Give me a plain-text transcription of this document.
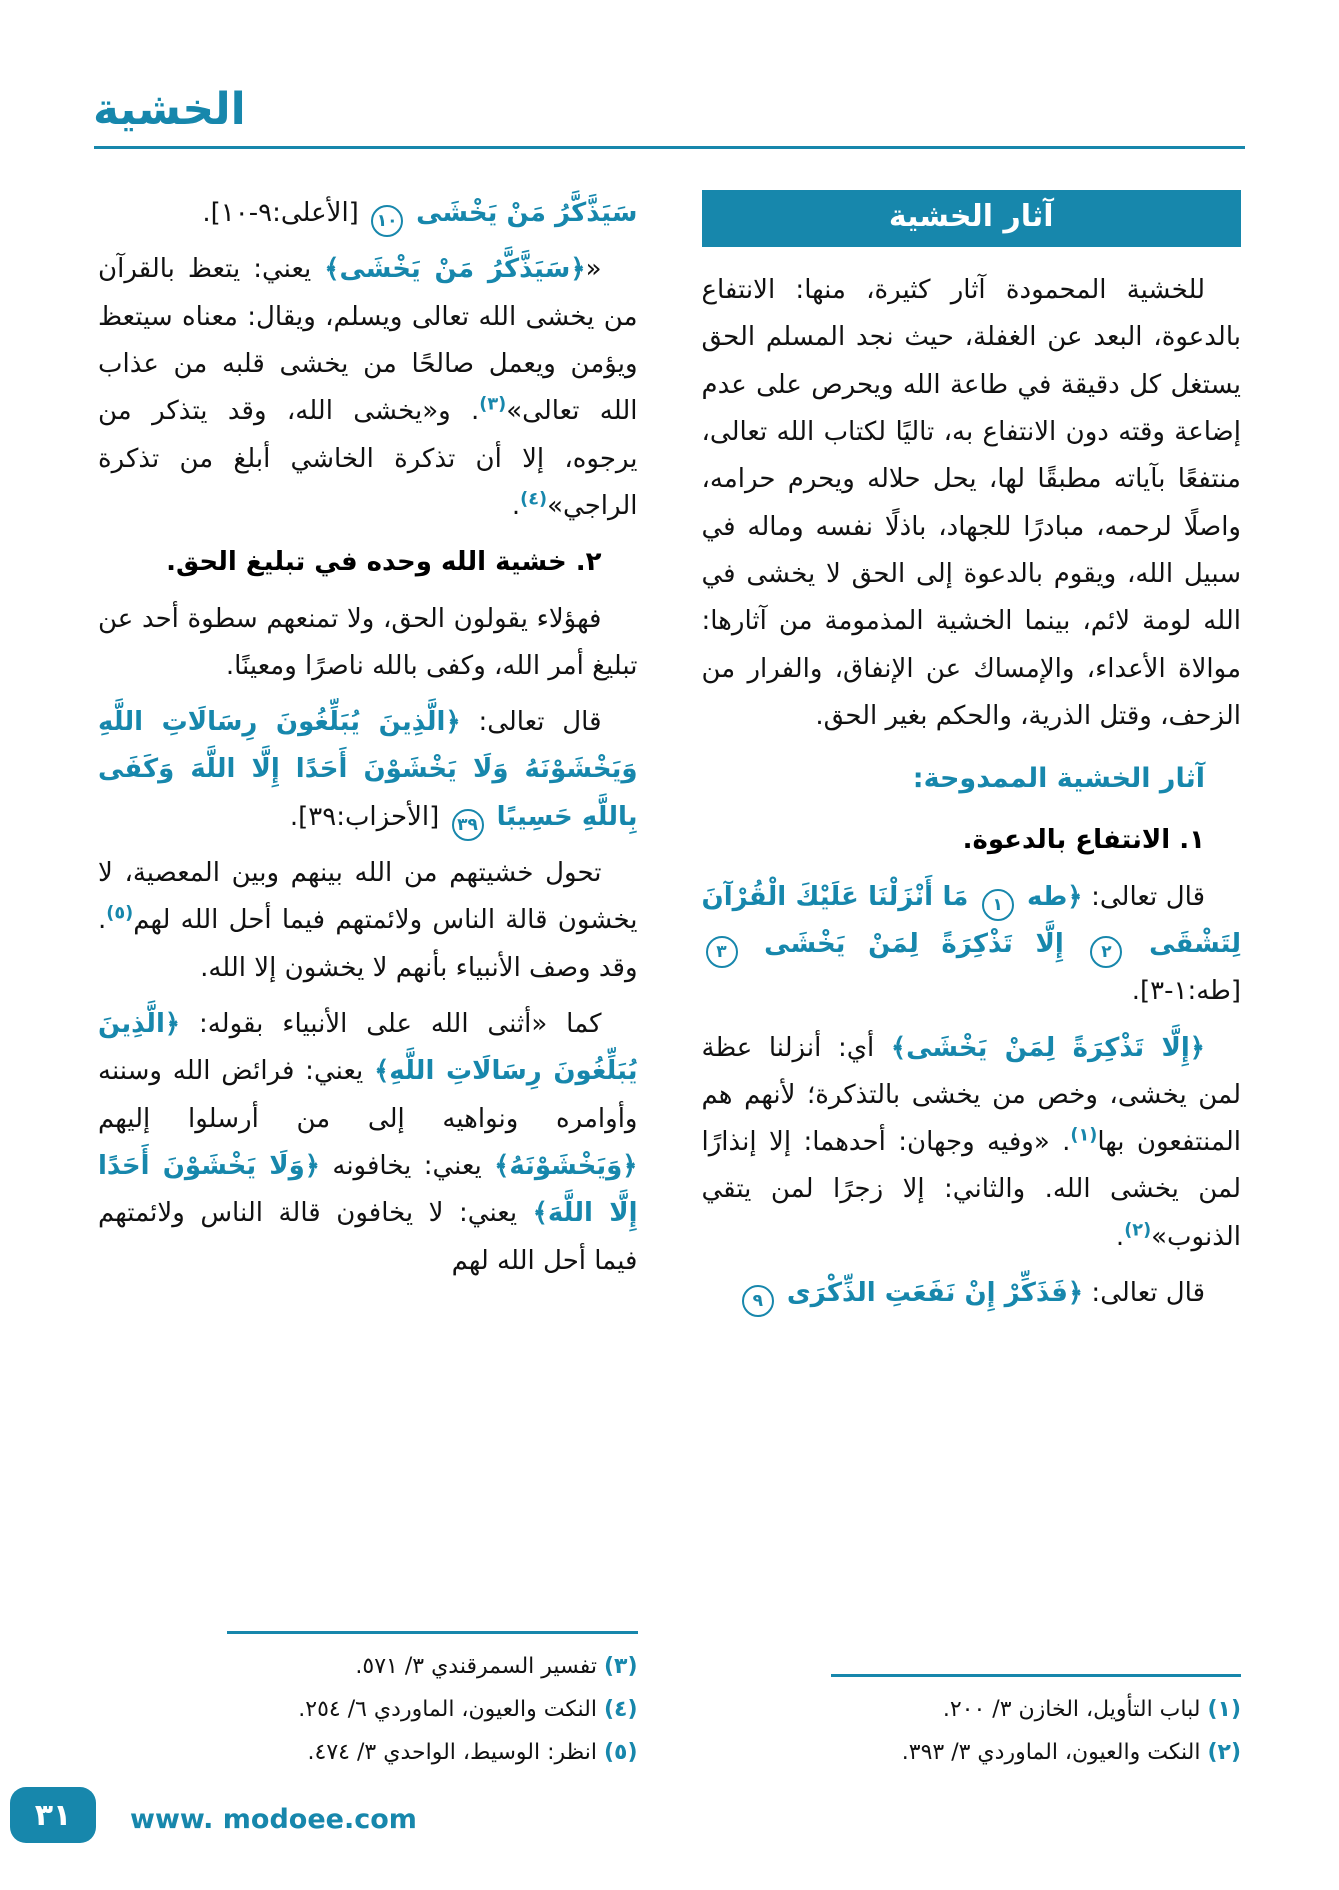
الخشية
آثار الخشية

للخشية المحمودة آثار كثيرة، منها: الانتفاع بالدعوة، البعد عن الغفلة، حيث نجد المسلم الحق يستغل كل دقيقة في طاعة الله ويحرص على عدم إضاعة وقته دون الانتفاع به، تاليًا لكتاب الله تعالى، منتفعًا بآياته مطبقًا لها، يحل حلاله ويحرم حرامه، واصلًا لرحمه، مبادرًا للجهاد، باذلًا نفسه وماله في سبيل الله، ويقوم بالدعوة إلى الحق لا يخشى في الله لومة لائم، بينما الخشية المذمومة من آثارها: موالاة الأعداء، والإمساك عن الإنفاق، والفرار من الزحف، وقتل الذرية، والحكم بغير الحق.

آثار الخشية الممدوحة:

١. الانتفاع بالدعوة.

قال تعالى: ﴿طه ١ مَا أَنْزَلْنَا عَلَيْكَ الْقُرْآنَ لِتَشْقَى ٢ إِلَّا تَذْكِرَةً لِمَنْ يَخْشَى ٣ [طه:١-٣].

﴿إِلَّا تَذْكِرَةً لِمَنْ يَخْشَى﴾ أي: أنزلنا عظة لمن يخشى، وخص من يخشى بالتذكرة؛ لأنهم هم المنتفعون بها$^{(١)}$. «وفيه وجهان: أحدهما: إلا إنذارًا لمن يخشى الله. والثاني: إلا زجرًا لمن يتقي الذنوب»$^{(٢)}$.

قال تعالى: ﴿فَذَكِّرْ إِنْ نَفَعَتِ الذِّكْرَى ٩

(١) لباب التأويل، الخازن ٣/ ٢٠٠.
(٢) النكت والعيون، الماوردي ٣/ ٣٩٣.

سَيَذَّكَّرُ مَنْ يَخْشَى ١٠ [الأعلى:٩-١٠].

«﴿سَيَذَّكَّرُ مَنْ يَخْشَى﴾ يعني: يتعظ بالقرآن من يخشى الله تعالى ويسلم، ويقال: معناه سيتعظ ويؤمن ويعمل صالحًا من يخشى قلبه من عذاب الله تعالى»$^{(٣)}$. و«يخشى الله، وقد يتذكر من يرجوه، إلا أن تذكرة الخاشي أبلغ من تذكرة الراجي»$^{(٤)}$.

٢. خشية الله وحده في تبليغ الحق.

فهؤلاء يقولون الحق، ولا تمنعهم سطوة أحد عن تبليغ أمر الله، وكفى بالله ناصرًا ومعينًا.

قال تعالى: ﴿الَّذِينَ يُبَلِّغُونَ رِسَالَاتِ اللَّهِ وَيَخْشَوْنَهُ وَلَا يَخْشَوْنَ أَحَدًا إِلَّا اللَّهَ وَكَفَى بِاللَّهِ حَسِيبًا ٣٩ [الأحزاب:٣٩].

تحول خشيتهم من الله بينهم وبين المعصية، لا يخشون قالة الناس ولائمتهم فيما أحل الله لهم$^{(٥)}$. وقد وصف الأنبياء بأنهم لا يخشون إلا الله.

كما «أثنى الله على الأنبياء بقوله: ﴿الَّذِينَ يُبَلِّغُونَ رِسَالَاتِ اللَّهِ﴾ يعني: فرائض الله وسننه وأوامره ونواهيه إلى من أرسلوا إليهم ﴿وَيَخْشَوْنَهُ﴾ يعني: يخافونه ﴿وَلَا يَخْشَوْنَ أَحَدًا إِلَّا اللَّهَ﴾ يعني: لا يخافون قالة الناس ولائمتهم فيما أحل الله لهم

(٣) تفسير السمرقندي ٣/ ٥٧١.
(٤) النكت والعيون، الماوردي ٦/ ٢٥٤.
(٥) انظر: الوسيط، الواحدي ٣/ ٤٧٤.
٣١ www. modoee.com
